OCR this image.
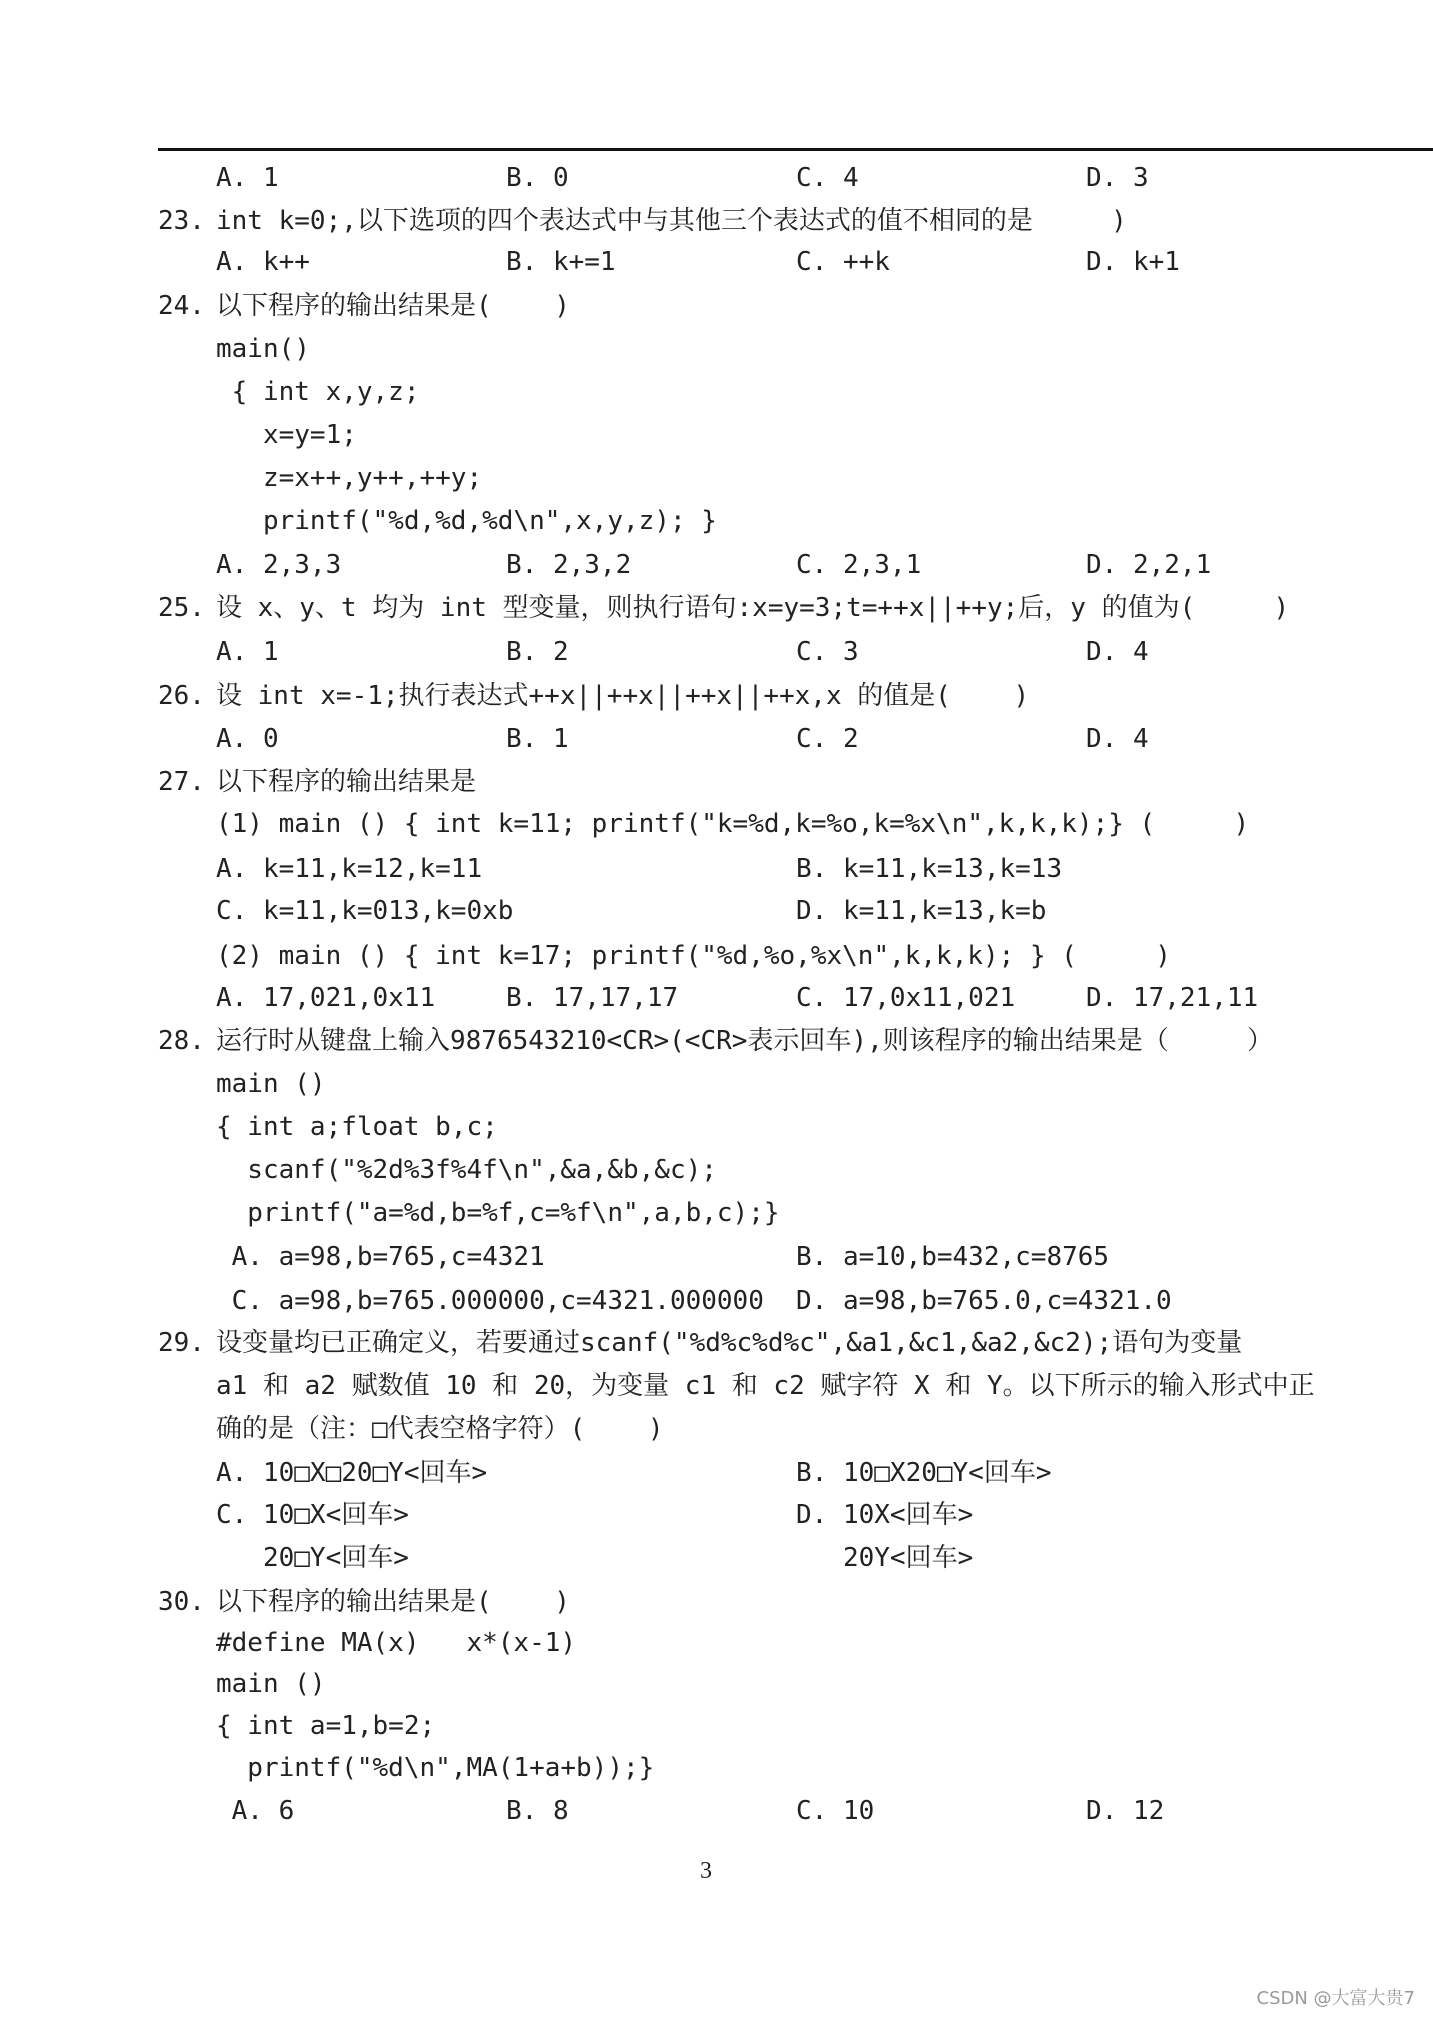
A. 1	B. 0	C. 4	D. 3
23. int k=0;,以下选项的四个表达式中与其他三个表达式的值不相同的是     )
A. k++	B. k+=1	C. ++k	D. k+1
24. 以下程序的输出结果是(    )
main()
{ int x,y,z;
x=y=1;
z=x++,y++,++y;
printf("%d,%d,%d\n",x,y,z); }
A. 2,3,3	B. 2,3,2	C. 2,3,1	D. 2,2,1
25. 设 x、y、t 均为 int 型变量，则执行语句:x=y=3;t=++x||++y;后，y 的值为(     )
A. 1	B. 2	C. 3	D. 4
26. 设 int x=-1;执行表达式++x||++x||++x||++x,x 的值是(    )
A. 0	B. 1	C. 2	D. 4
27. 以下程序的输出结果是
(1) main () { int k=11; printf("k=%d,k=%o,k=%x\n",k,k,k);} (     )
A. k=11,k=12,k=11	B. k=11,k=13,k=13
C. k=11,k=013,k=0xb	D. k=11,k=13,k=b
(2) main () { int k=17; printf("%d,%o,%x\n",k,k,k); } (     )
A. 17,021,0x11	B. 17,17,17	C. 17,0x11,021	D. 17,21,11
28. 运行时从键盘上输入9876543210<CR>(<CR>表示回车),则该程序的输出结果是（     ）
main ()
{ int a;float b,c;
scanf("%2d%3f%4f\n",&a,&b,&c);
printf("a=%d,b=%f,c=%f\n",a,b,c);}
A. a=98,b=765,c=4321	B. a=10,b=432,c=8765
C. a=98,b=765.000000,c=4321.000000 D. a=98,b=765.0,c=4321.0
29. 设变量均已正确定义，若要通过scanf("%d%c%d%c",&a1,&c1,&a2,&c2);语句为变量
a1 和 a2 赋数值 10 和 20，为变量 c1 和 c2 赋字符 X 和 Y。以下所示的输入形式中正
确的是（注：□代表空格字符）(    )
A. 10□X□20□Y<回车>	B. 10□X20□Y<回车>
C. 10□X<回车>	D. 10X<回车>
20□Y<回车>	20Y<回车>
30. 以下程序的输出结果是(    )
#define MA(x)   x*(x-1)
main ()
{ int a=1,b=2;
printf("%d\n",MA(1+a+b));}
A. 6	B. 8	C. 10	D. 12
3
CSDN @大富大贵7
